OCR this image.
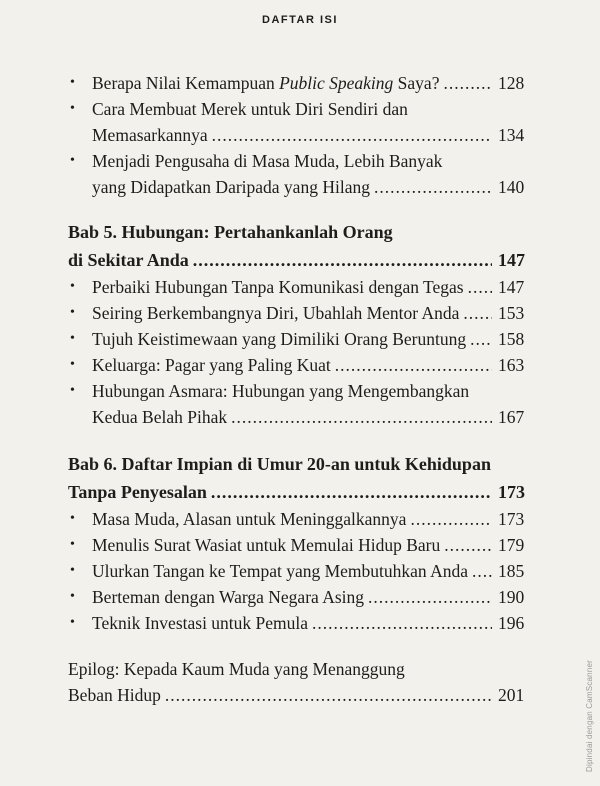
DAFTAR ISI
• Berapa Nilai Kemampuan Public Speaking Saya? .....	128
• Cara Membuat Merek untuk Diri Sendiri dan
Memasarkannya .....	134
• Menjadi Pengusaha di Masa Muda, Lebih Banyak
yang Didapatkan Daripada yang Hilang .....	140
Bab 5. Hubungan: Pertahankanlah Orang
di Sekitar Anda .....	147
• Perbaiki Hubungan Tanpa Komunikasi dengan Tegas ..... 147
• Seiring Berkembangnya Diri, Ubahlah Mentor Anda ..... 153
• Tujuh Keistimewaan yang Dimiliki Orang Beruntung ..... 158
• Keluarga: Pagar yang Paling Kuat .....	163
• Hubungan Asmara: Hubungan yang Mengembangkan
Kedua Belah Pihak .....	167
Bab 6. Daftar Impian di Umur 20-an untuk Kehidupan
Tanpa Penyesalan .....	173
• Masa Muda, Alasan untuk Meninggalkannya .....	173
• Menulis Surat Wasiat untuk Memulai Hidup Baru .....	179
• Ulurkan Tangan ke Tempat yang Membutuhkan Anda ..... 185
• Berteman dengan Warga Negara Asing .....	190
• Teknik Investasi untuk Pemula .....	196
Epilog: Kepada Kaum Muda yang Menanggung
Beban Hidup .....	201	Dipindai dengan CamScanner
